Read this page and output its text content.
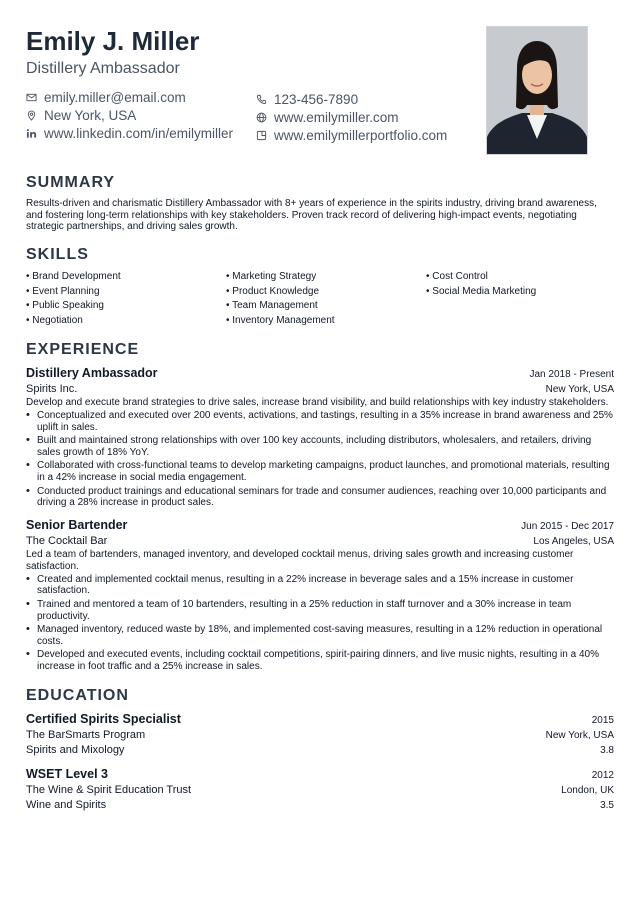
Emily J. Miller
Distillery Ambassador
emily.miller@email.com	123-456-7890
New York, USA	www.emilymiller.com
www.linkedin.com/in/emilymiller	www.emilymillerportfolio.com
SUMMARY
Results-driven and charismatic Distillery Ambassador with 8+ years of experience in the spirits industry, driving brand awareness, and fostering long-term relationships with key stakeholders. Proven track record of delivering high-impact events, negotiating strategic partnerships, and driving sales growth.
SKILLS
• Brand Development
• Event Planning
• Public Speaking
• Negotiation
• Marketing Strategy
• Product Knowledge
• Team Management
• Inventory Management
• Cost Control
• Social Media Marketing
EXPERIENCE
Distillery Ambassador	Jan 2018 - Present
Spirits Inc.	New York, USA
Develop and execute brand strategies to drive sales, increase brand visibility, and build relationships with key industry stakeholders.
• Conceptualized and executed over 200 events, activations, and tastings, resulting in a 35% increase in brand awareness and 25% uplift in sales.
• Built and maintained strong relationships with over 100 key accounts, including distributors, wholesalers, and retailers, driving sales growth of 18% YoY.
• Collaborated with cross-functional teams to develop marketing campaigns, product launches, and promotional materials, resulting in a 42% increase in social media engagement.
• Conducted product trainings and educational seminars for trade and consumer audiences, reaching over 10,000 participants and driving a 28% increase in product sales.
Senior Bartender	Jun 2015 - Dec 2017
The Cocktail Bar	Los Angeles, USA
Led a team of bartenders, managed inventory, and developed cocktail menus, driving sales growth and increasing customer satisfaction.
• Created and implemented cocktail menus, resulting in a 22% increase in beverage sales and a 15% increase in customer satisfaction.
• Trained and mentored a team of 10 bartenders, resulting in a 25% reduction in staff turnover and a 30% increase in team productivity.
• Managed inventory, reduced waste by 18%, and implemented cost-saving measures, resulting in a 12% reduction in operational costs.
• Developed and executed events, including cocktail competitions, spirit-pairing dinners, and live music nights, resulting in a 40% increase in foot traffic and a 25% increase in sales.
EDUCATION
Certified Spirits Specialist	2015
The BarSmarts Program	New York, USA
Spirits and Mixology	3.8
WSET Level 3	2012
The Wine & Spirit Education Trust	London, UK
Wine and Spirits	3.5
